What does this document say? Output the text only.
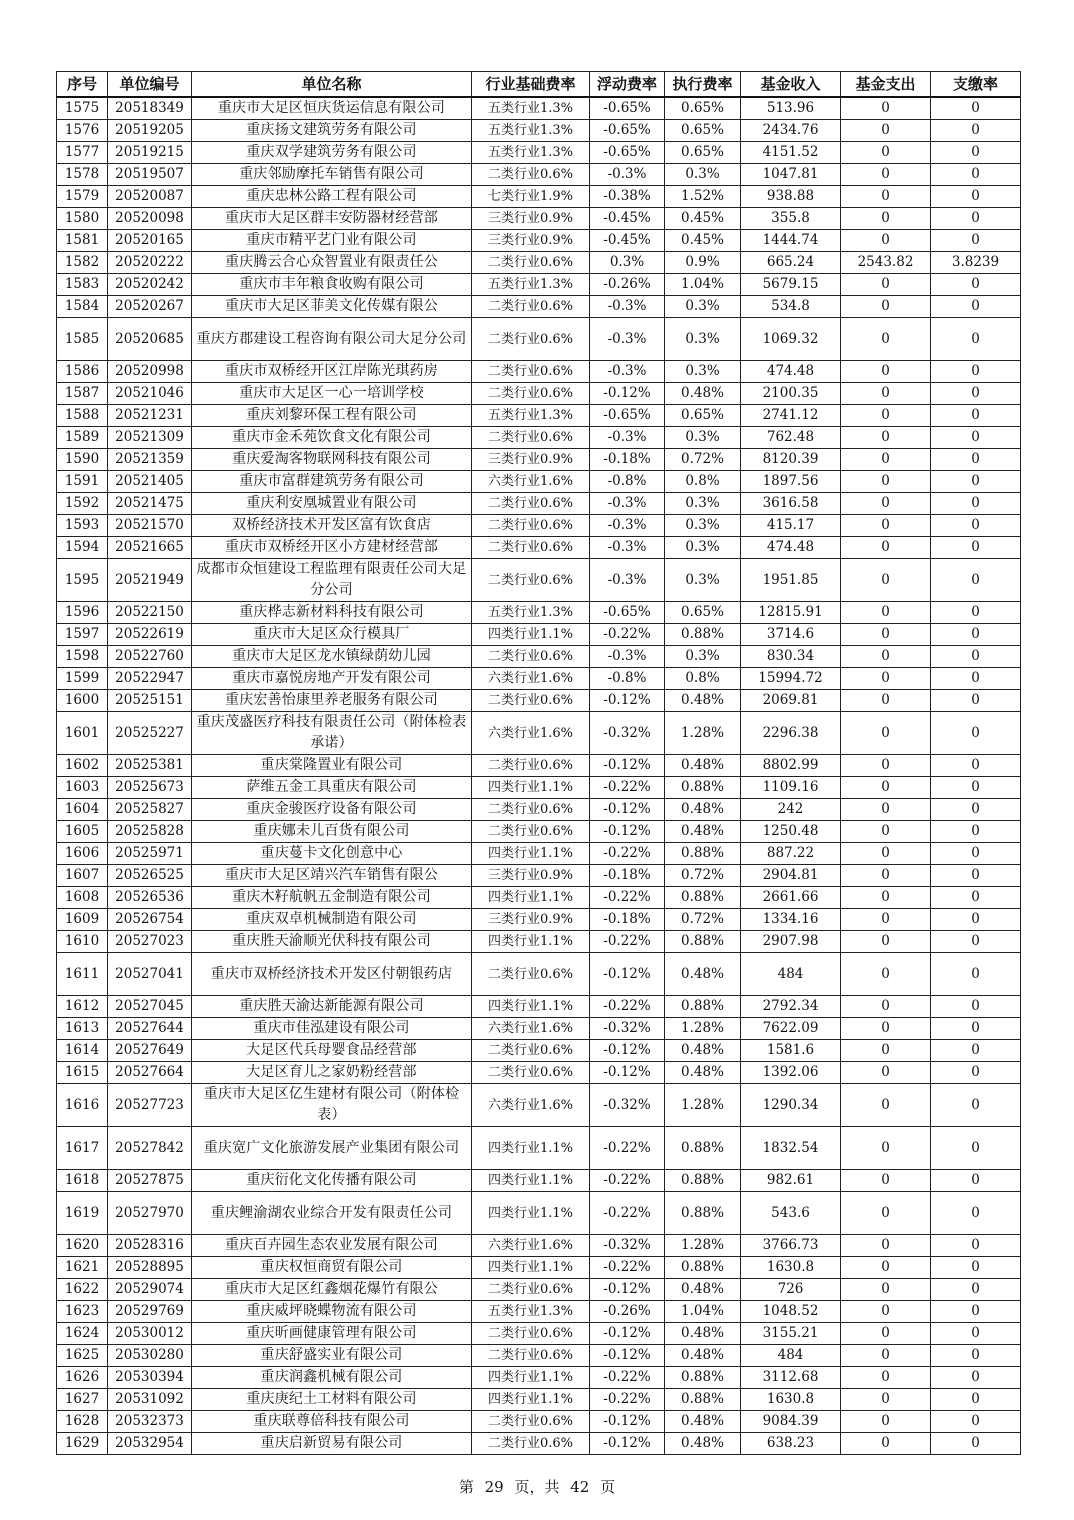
序号	单位编号	单位名称	行业基础费率	浮动费率	执行费率	基金收入	基金支出	支缴率
1575	20518349	重庆市大足区恒庆货运信息有限公司	五类行业1.3%	-0.65%	0.65%	513.96	0	0
1576	20519205	重庆扬文建筑劳务有限公司	五类行业1.3%	-0.65%	0.65%	2434.76	0	0
1577	20519215	重庆双学建筑劳务有限公司	五类行业1.3%	-0.65%	0.65%	4151.52	0	0
1578	20519507	重庆邻励摩托车销售有限公司	二类行业0.6%	-0.3%	0.3%	1047.81	0	0
1579	20520087	重庆忠林公路工程有限公司	七类行业1.9%	-0.38%	1.52%	938.88	0	0
1580	20520098	重庆市大足区群丰安防器材经营部	三类行业0.9%	-0.45%	0.45%	355.8	0	0
1581	20520165	重庆市精平艺门业有限公司	三类行业0.9%	-0.45%	0.45%	1444.74	0	0
1582	20520222	重庆腾云合心众智置业有限责任公	二类行业0.6%	0.3%	0.9%	665.24	2543.82	3.8239
1583	20520242	重庆市丰年粮食收购有限公司	五类行业1.3%	-0.26%	1.04%	5679.15	0	0
1584	20520267	重庆市大足区菲美文化传媒有限公	二类行业0.6%	-0.3%	0.3%	534.8	0	0
1585	20520685	重庆方郡建设工程咨询有限公司大足分公司	二类行业0.6%	-0.3%	0.3%	1069.32	0	0
1586	20520998	重庆市双桥经开区江岸陈光琪药房	二类行业0.6%	-0.3%	0.3%	474.48	0	0
1587	20521046	重庆市大足区一心一培训学校	二类行业0.6%	-0.12%	0.48%	2100.35	0	0
1588	20521231	重庆刘黎环保工程有限公司	五类行业1.3%	-0.65%	0.65%	2741.12	0	0
1589	20521309	重庆市金禾苑饮食文化有限公司	二类行业0.6%	-0.3%	0.3%	762.48	0	0
1590	20521359	重庆爱淘客物联网科技有限公司	三类行业0.9%	-0.18%	0.72%	8120.39	0	0
1591	20521405	重庆市富群建筑劳务有限公司	六类行业1.6%	-0.8%	0.8%	1897.56	0	0
1592	20521475	重庆利安凰城置业有限公司	二类行业0.6%	-0.3%	0.3%	3616.58	0	0
1593	20521570	双桥经济技术开发区富有饮食店	二类行业0.6%	-0.3%	0.3%	415.17	0	0
1594	20521665	重庆市双桥经开区小方建材经营部	二类行业0.6%	-0.3%	0.3%	474.48	0	0
1595	20521949	成都市众恒建设工程监理有限责任公司大足分公司	二类行业0.6%	-0.3%	0.3%	1951.85	0	0
1596	20522150	重庆桦志新材料科技有限公司	五类行业1.3%	-0.65%	0.65%	12815.91	0	0
1597	20522619	重庆市大足区众行模具厂	四类行业1.1%	-0.22%	0.88%	3714.6	0	0
1598	20522760	重庆市大足区龙水镇绿荫幼儿园	二类行业0.6%	-0.3%	0.3%	830.34	0	0
1599	20522947	重庆市嘉悦房地产开发有限公司	六类行业1.6%	-0.8%	0.8%	15994.72	0	0
1600	20525151	重庆宏善怡康里养老服务有限公司	二类行业0.6%	-0.12%	0.48%	2069.81	0	0
1601	20525227	重庆茂盛医疗科技有限责任公司（附体检表承诺）	六类行业1.6%	-0.32%	1.28%	2296.38	0	0
1602	20525381	重庆棠隆置业有限公司	二类行业0.6%	-0.12%	0.48%	8802.99	0	0
1603	20525673	萨维五金工具重庆有限公司	四类行业1.1%	-0.22%	0.88%	1109.16	0	0
1604	20525827	重庆金骏医疗设备有限公司	二类行业0.6%	-0.12%	0.48%	242	0	0
1605	20525828	重庆娜未儿百货有限公司	二类行业0.6%	-0.12%	0.48%	1250.48	0	0
1606	20525971	重庆蔓卡文化创意中心	四类行业1.1%	-0.22%	0.88%	887.22	0	0
1607	20526525	重庆市大足区靖兴汽车销售有限公	三类行业0.9%	-0.18%	0.72%	2904.81	0	0
1608	20526536	重庆木籽航帆五金制造有限公司	四类行业1.1%	-0.22%	0.88%	2661.66	0	0
1609	20526754	重庆双卓机械制造有限公司	三类行业0.9%	-0.18%	0.72%	1334.16	0	0
1610	20527023	重庆胜天渝顺光伏科技有限公司	四类行业1.1%	-0.22%	0.88%	2907.98	0	0
1611	20527041	重庆市双桥经济技术开发区付朝银药店	二类行业0.6%	-0.12%	0.48%	484	0	0
1612	20527045	重庆胜天渝达新能源有限公司	四类行业1.1%	-0.22%	0.88%	2792.34	0	0
1613	20527644	重庆市佳泓建设有限公司	六类行业1.6%	-0.32%	1.28%	7622.09	0	0
1614	20527649	大足区代兵母婴食品经营部	二类行业0.6%	-0.12%	0.48%	1581.6	0	0
1615	20527664	大足区育儿之家奶粉经营部	二类行业0.6%	-0.12%	0.48%	1392.06	0	0
1616	20527723	重庆市大足区亿生建材有限公司（附体检表）	六类行业1.6%	-0.32%	1.28%	1290.34	0	0
1617	20527842	重庆宽广文化旅游发展产业集团有限公司	四类行业1.1%	-0.22%	0.88%	1832.54	0	0
1618	20527875	重庆衍化文化传播有限公司	四类行业1.1%	-0.22%	0.88%	982.61	0	0
1619	20527970	重庆鲤渝湖农业综合开发有限责任公司	四类行业1.1%	-0.22%	0.88%	543.6	0	0
1620	20528316	重庆百卉园生态农业发展有限公司	六类行业1.6%	-0.32%	1.28%	3766.73	0	0
1621	20528895	重庆权恒商贸有限公司	四类行业1.1%	-0.22%	0.88%	1630.8	0	0
1622	20529074	重庆市大足区红鑫烟花爆竹有限公	二类行业0.6%	-0.12%	0.48%	726	0	0
1623	20529769	重庆威坪晓蝶物流有限公司	五类行业1.3%	-0.26%	1.04%	1048.52	0	0
1624	20530012	重庆昕画健康管理有限公司	二类行业0.6%	-0.12%	0.48%	3155.21	0	0
1625	20530280	重庆舒盛实业有限公司	二类行业0.6%	-0.12%	0.48%	484	0	0
1626	20530394	重庆润鑫机械有限公司	四类行业1.1%	-0.22%	0.88%	3112.68	0	0
1627	20531092	重庆庚纪土工材料有限公司	四类行业1.1%	-0.22%	0.88%	1630.8	0	0
1628	20532373	重庆联尊倍科技有限公司	二类行业0.6%	-0.12%	0.48%	9084.39	0	0
1629	20532954	重庆启新贸易有限公司	二类行业0.6%	-0.12%	0.48%	638.23	0	0
第 29 页，共 42 页
